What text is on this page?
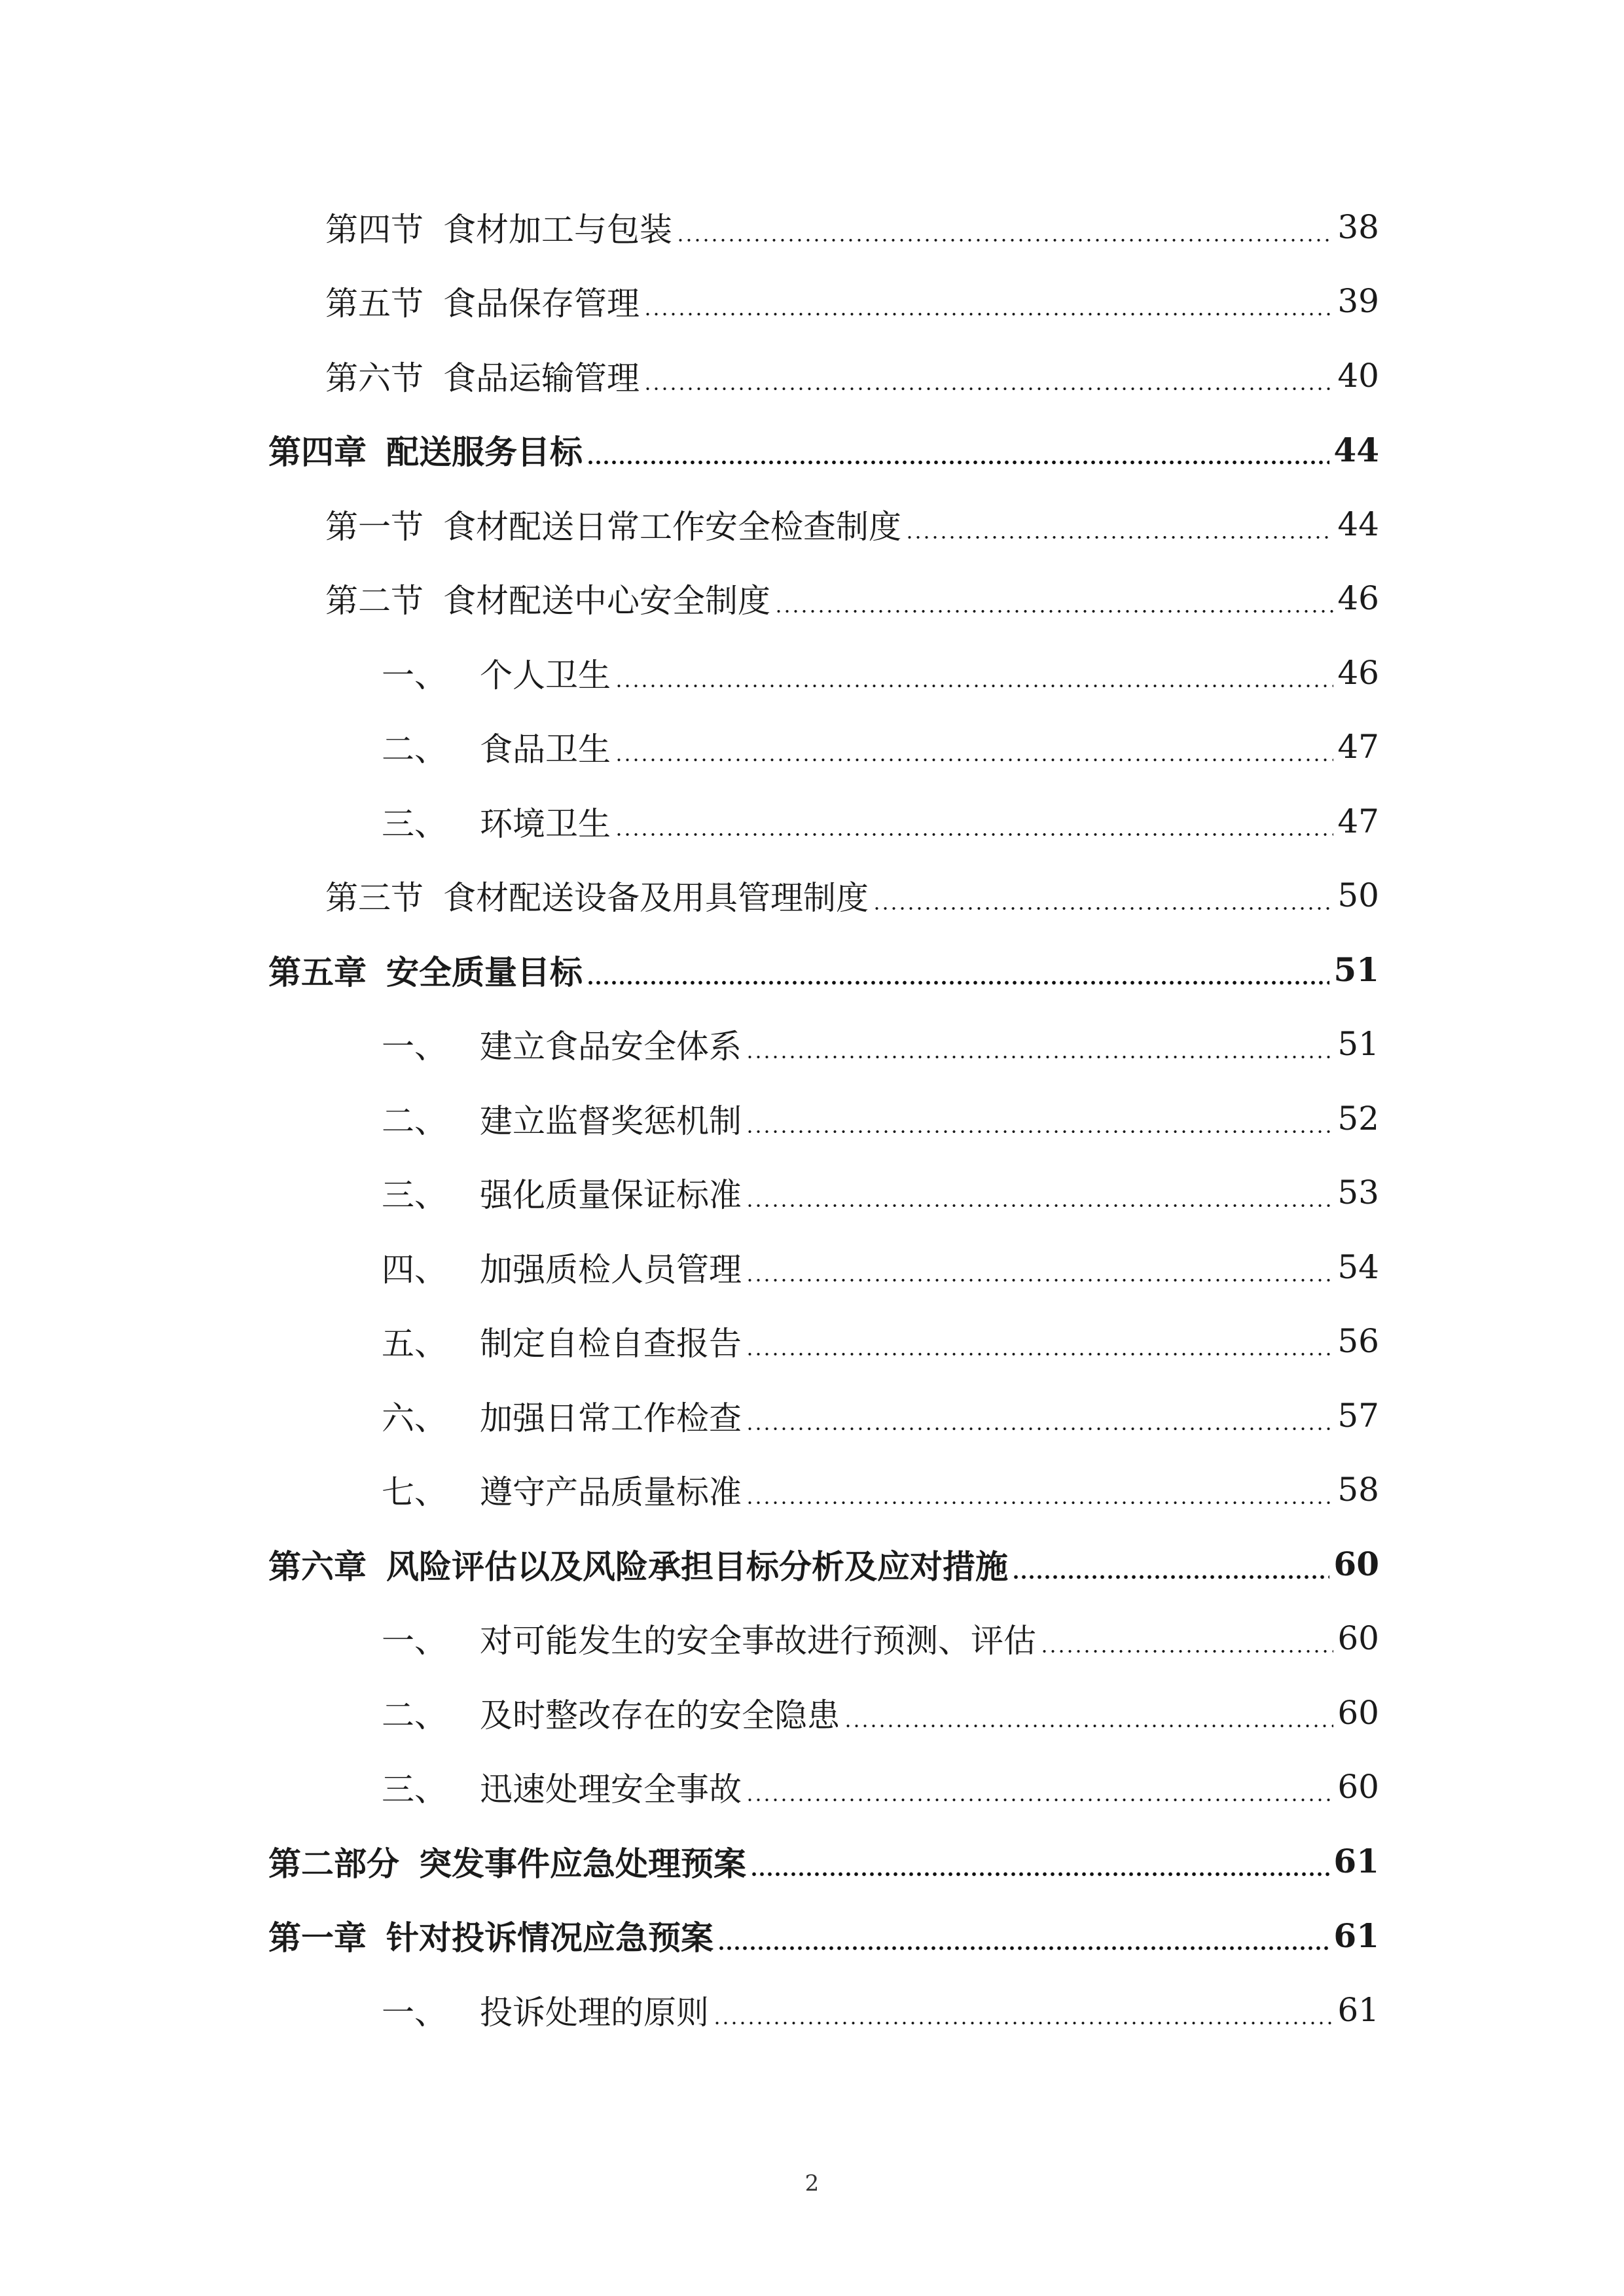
第四节 食材加工与包装	38
第五节 食品保存管理	39
第六节 食品运输管理	40
第四章 配送服务目标	44
第一节 食材配送日常工作安全检查制度	44
第二节 食材配送中心安全制度	46
一、	个人卫生	46
二、	食品卫生	47
三、	环境卫生	47
第三节 食材配送设备及用具管理制度	50
第五章 安全质量目标	51
一、	建立食品安全体系	51
二、	建立监督奖惩机制	52
三、	强化质量保证标准	53
四、	加强质检人员管理	54
五、	制定自检自查报告	56
六、	加强日常工作检查	57
七、	遵守产品质量标准	58
第六章 风险评估以及风险承担目标分析及应对措施	60
一、	对可能发生的安全事故进行预测、评估	60
二、	及时整改存在的安全隐患	60
三、	迅速处理安全事故	60
第二部分 突发事件应急处理预案	61
第一章 针对投诉情况应急预案	61
一、	投诉处理的原则	61
2
